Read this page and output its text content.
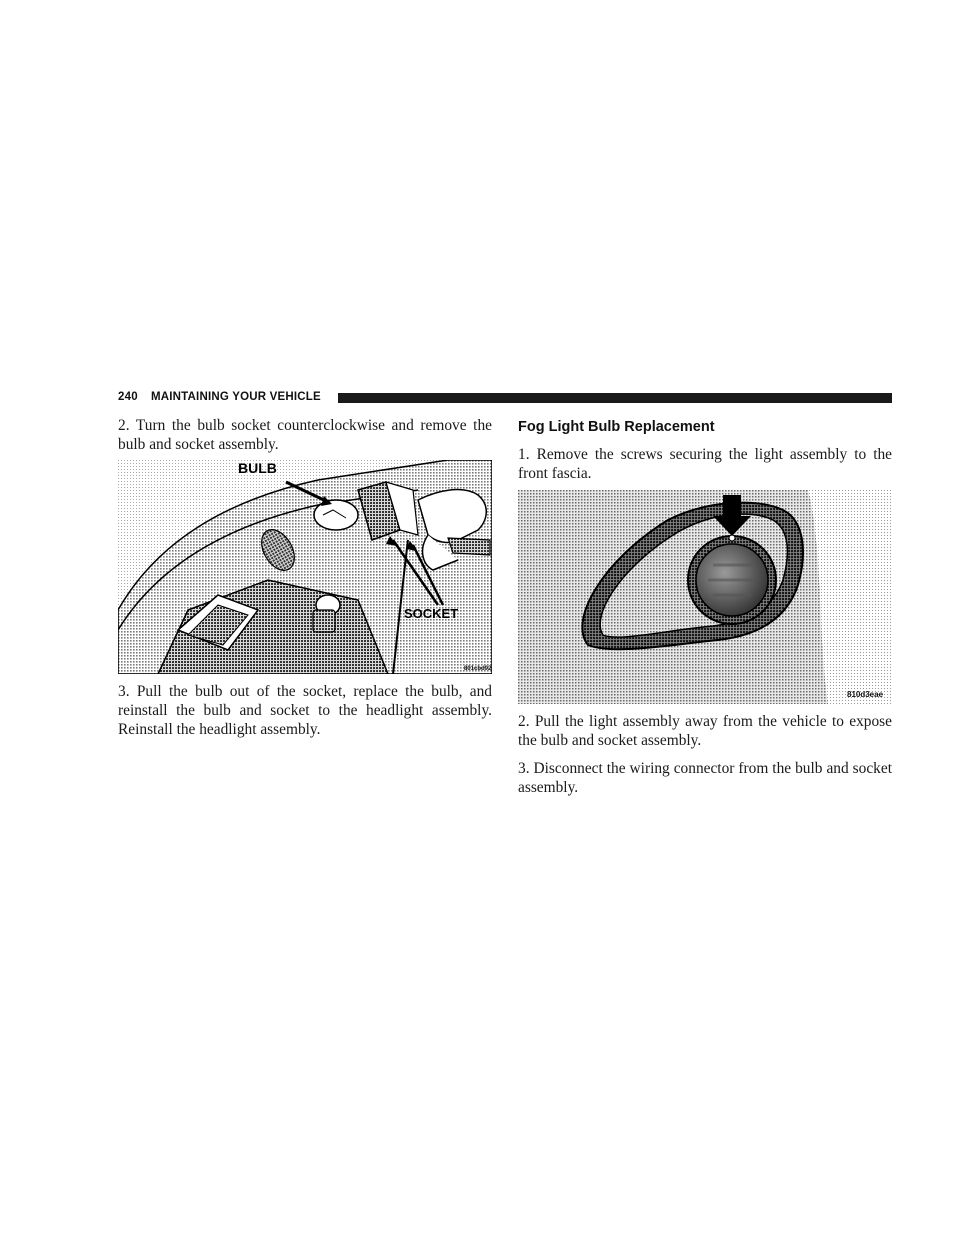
240 MAINTAINING YOUR VEHICLE

2. Turn the bulb socket counterclockwise and remove the bulb and socket assembly.

BULB
SOCKET
801cbd92

3. Pull the bulb out of the socket, replace the bulb, and reinstall the bulb and socket to the headlight assembly. Reinstall the headlight assembly.

Fog Light Bulb Replacement

1. Remove the screws securing the light assembly to the front fascia.

810d3eae

2. Pull the light assembly away from the vehicle to expose the bulb and socket assembly.

3. Disconnect the wiring connector from the bulb and socket assembly.
